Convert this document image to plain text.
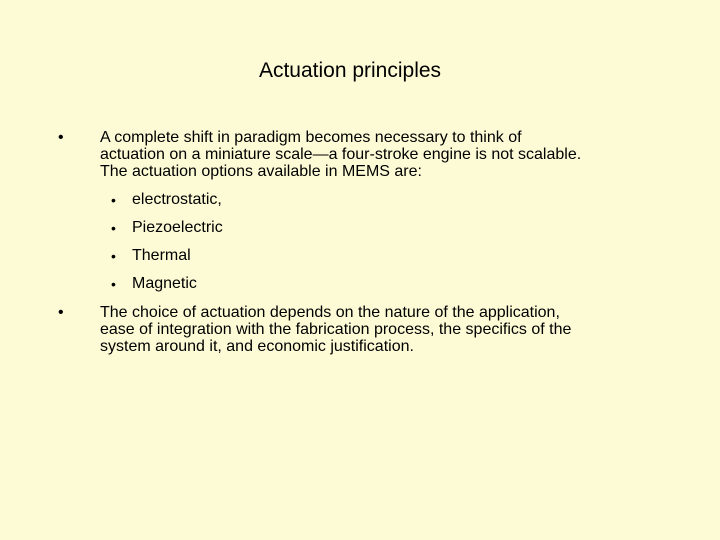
Actuation principles
• A complete shift in paradigm becomes necessary to think of actuation on a miniature scale—a four-stroke engine is not scalable. The actuation options available in MEMS are:
• electrostatic,
• Piezoelectric
• Thermal
• Magnetic
• The choice of actuation depends on the nature of the application, ease of integration with the fabrication process, the specifics of the system around it, and economic justification.
